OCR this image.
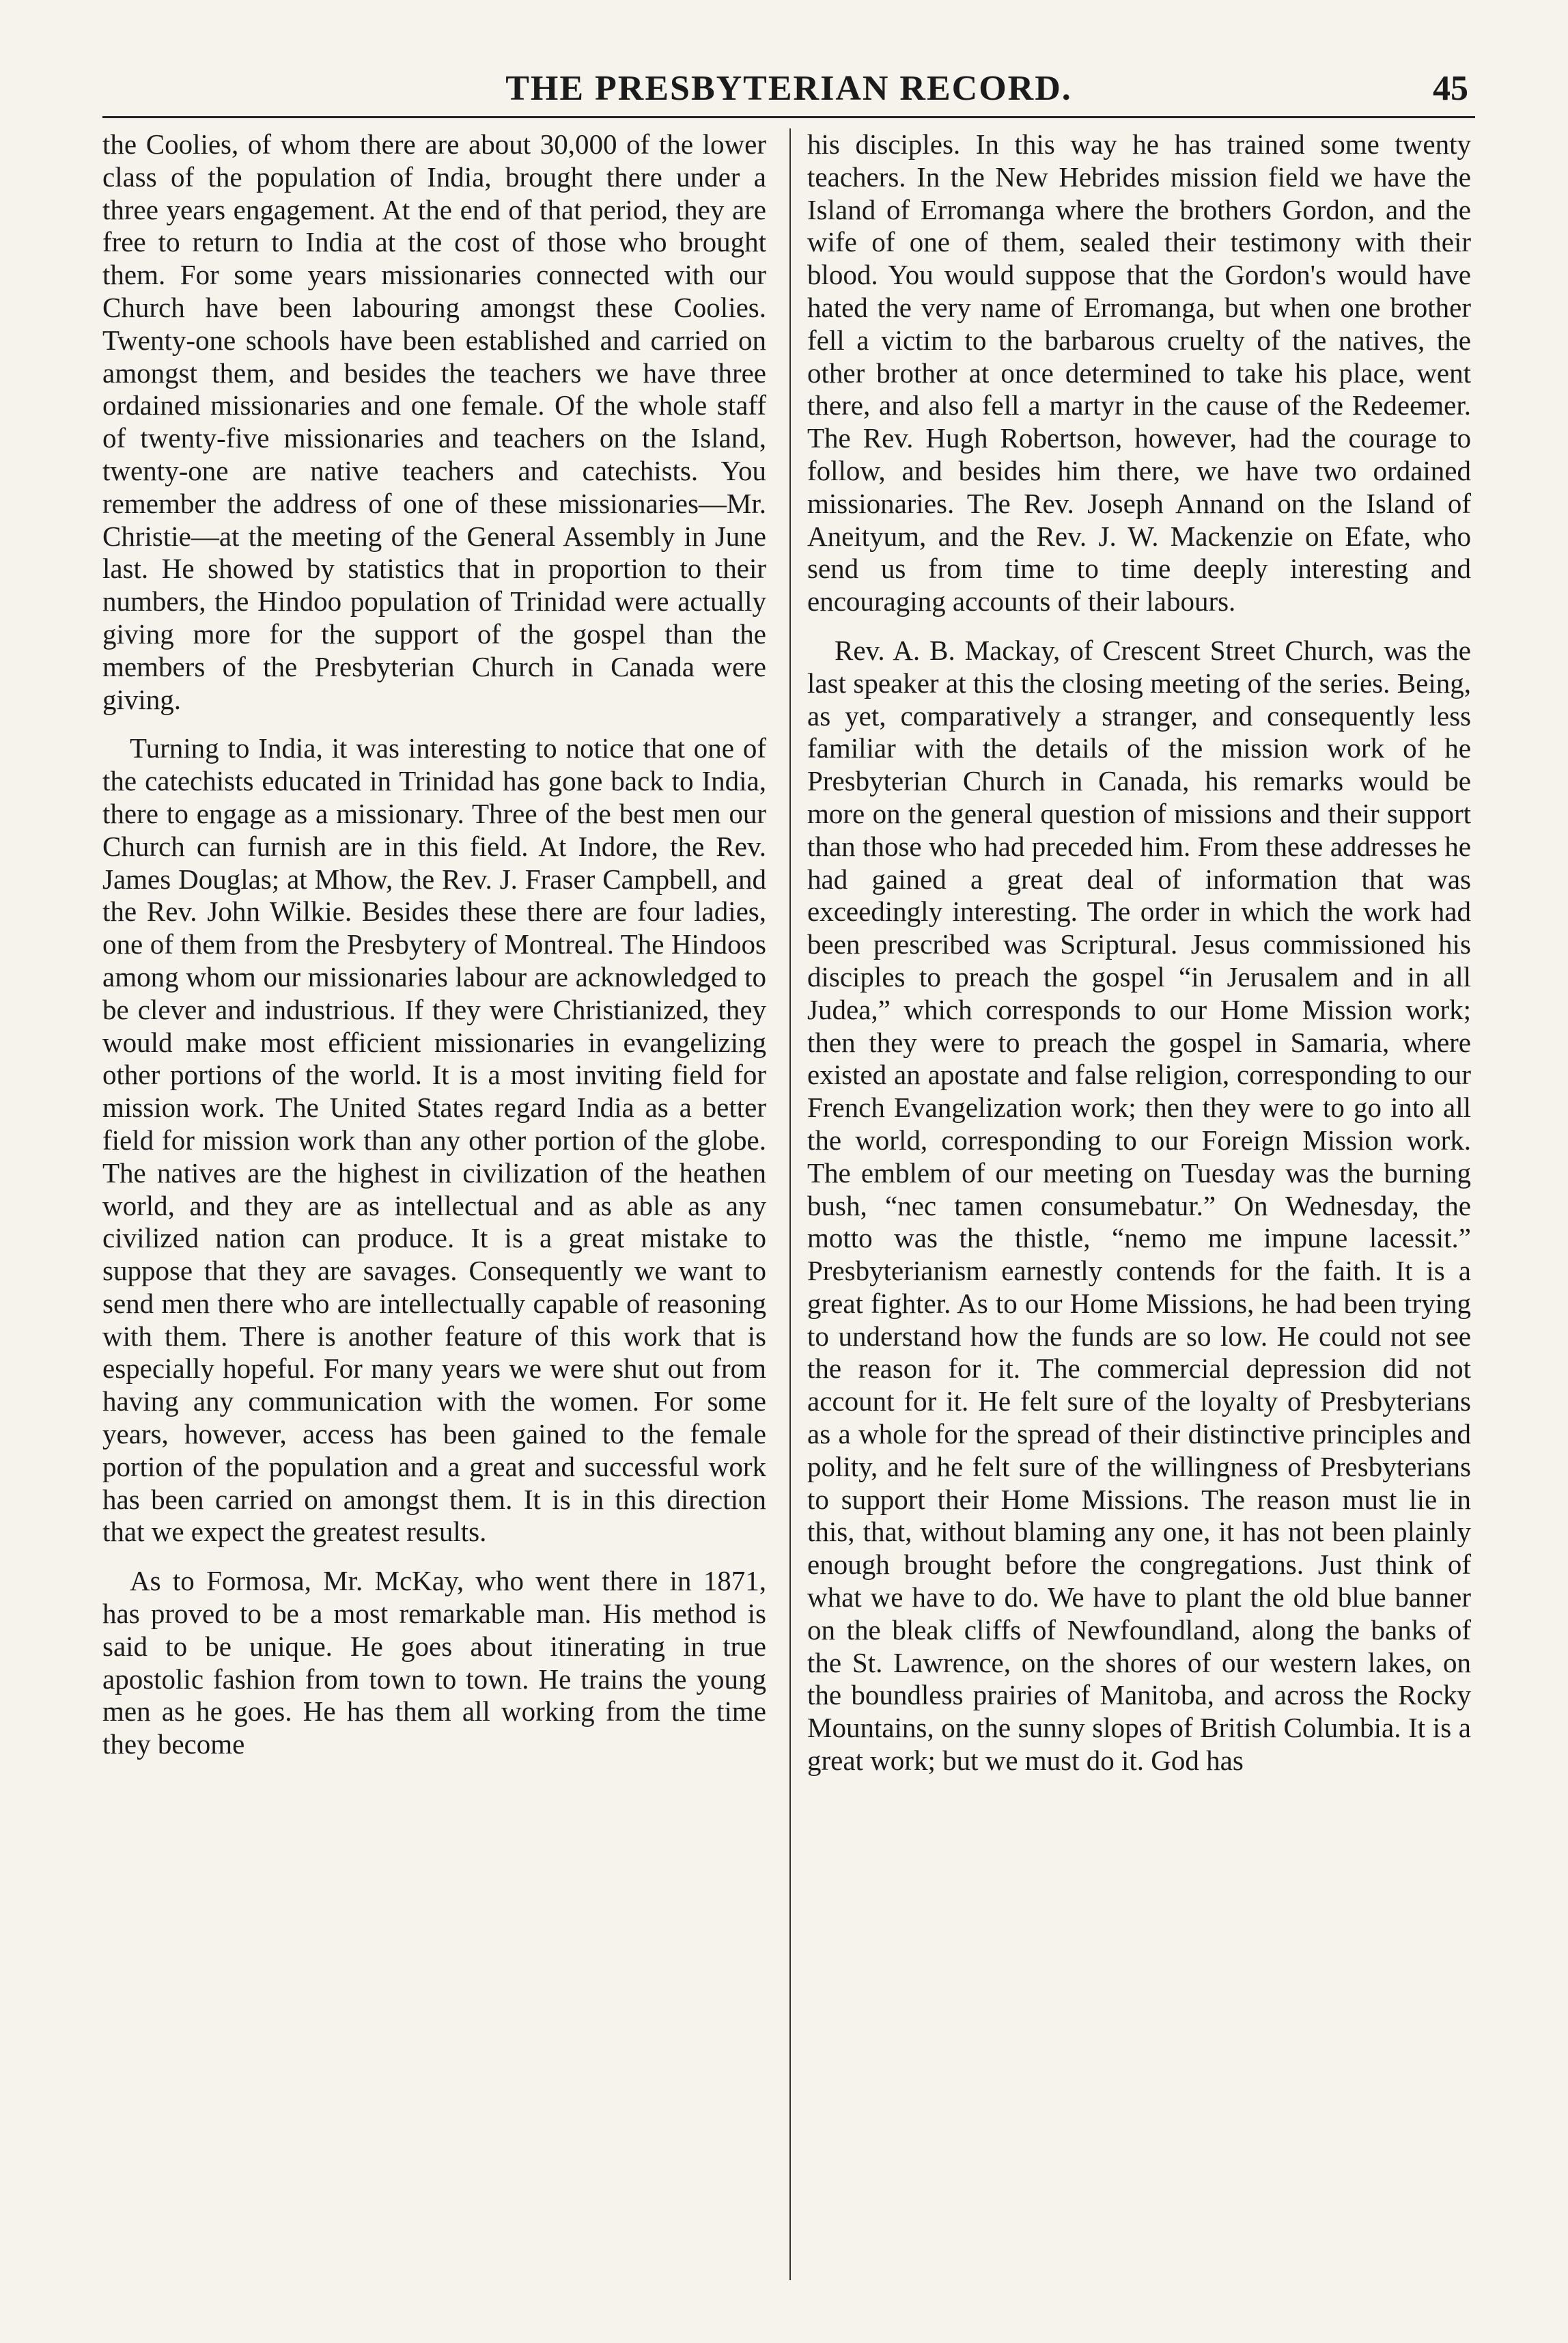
THE PRESBYTERIAN RECORD.	45

the Coolies, of whom there are about 30,000 of the lower class of the population of India, brought there under a three years engagement. At the end of that period, they are free to return to India at the cost of those who brought them. For some years missionaries connected with our Church have been labouring amongst these Coolies. Twenty-one schools have been established and carried on amongst them, and besides the teachers we have three ordained missionaries and one female. Of the whole staff of twenty-five missionaries and teachers on the Island, twenty-one are native teachers and catechists. You remember the address of one of these missionaries—Mr. Christie—at the meeting of the General Assembly in June last. He showed by statistics that in proportion to their numbers, the Hindoo population of Trinidad were actually giving more for the support of the gospel than the members of the Presbyterian Church in Canada were giving.

Turning to India, it was interesting to notice that one of the catechists educated in Trinidad has gone back to India, there to engage as a missionary. Three of the best men our Church can furnish are in this field. At Indore, the Rev. James Douglas; at Mhow, the Rev. J. Fraser Campbell, and the Rev. John Wilkie. Besides these there are four ladies, one of them from the Presbytery of Montreal. The Hindoos among whom our missionaries labour are acknowledged to be clever and industrious. If they were Christianized, they would make most efficient missionaries in evangelizing other portions of the world. It is a most inviting field for mission work. The United States regard India as a better field for mission work than any other portion of the globe. The natives are the highest in civilization of the heathen world, and they are as intellectual and as able as any civilized nation can produce. It is a great mistake to suppose that they are savages. Consequently we want to send men there who are intellectually capable of reasoning with them. There is another feature of this work that is especially hopeful. For many years we were shut out from having any communication with the women. For some years, however, access has been gained to the female portion of the population and a great and successful work has been carried on amongst them. It is in this direction that we expect the greatest results.

As to Formosa, Mr. McKay, who went there in 1871, has proved to be a most remarkable man. His method is said to be unique. He goes about itinerating in true apostolic fashion from town to town. He trains the young men as he goes. He has them all working from the time they become

his disciples. In this way he has trained some twenty teachers. In the New Hebrides mission field we have the Island of Erromanga where the brothers Gordon, and the wife of one of them, sealed their testimony with their blood. You would suppose that the Gordon's would have hated the very name of Erromanga, but when one brother fell a victim to the barbarous cruelty of the natives, the other brother at once determined to take his place, went there, and also fell a martyr in the cause of the Redeemer. The Rev. Hugh Robertson, however, had the courage to follow, and besides him there, we have two ordained missionaries. The Rev. Joseph Annand on the Island of Aneityum, and the Rev. J. W. Mackenzie on Efate, who send us from time to time deeply interesting and encouraging accounts of their labours.

Rev. A. B. Mackay, of Crescent Street Church, was the last speaker at this the closing meeting of the series. Being, as yet, comparatively a stranger, and consequently less familiar with the details of the mission work of he Presbyterian Church in Canada, his remarks would be more on the general question of missions and their support than those who had preceded him. From these addresses he had gained a great deal of information that was exceedingly interesting. The order in which the work had been prescribed was Scriptural. Jesus commissioned his disciples to preach the gospel “in Jerusalem and in all Judea,” which corresponds to our Home Mission work; then they were to preach the gospel in Samaria, where existed an apostate and false religion, corresponding to our French Evangelization work; then they were to go into all the world, corresponding to our Foreign Mission work. The emblem of our meeting on Tuesday was the burning bush, “nec tamen consumebatur.” On Wednesday, the motto was the thistle, “nemo me impune lacessit.” Presbyterianism earnestly contends for the faith. It is a great fighter. As to our Home Missions, he had been trying to understand how the funds are so low. He could not see the reason for it. The commercial depression did not account for it. He felt sure of the loyalty of Presbyterians as a whole for the spread of their distinctive principles and polity, and he felt sure of the willingness of Presbyterians to support their Home Missions. The reason must lie in this, that, without blaming any one, it has not been plainly enough brought before the congregations. Just think of what we have to do. We have to plant the old blue banner on the bleak cliffs of Newfoundland, along the banks of the St. Lawrence, on the shores of our western lakes, on the boundless prairies of Manitoba, and across the Rocky Mountains, on the sunny slopes of British Columbia. It is a great work; but we must do it. God has
